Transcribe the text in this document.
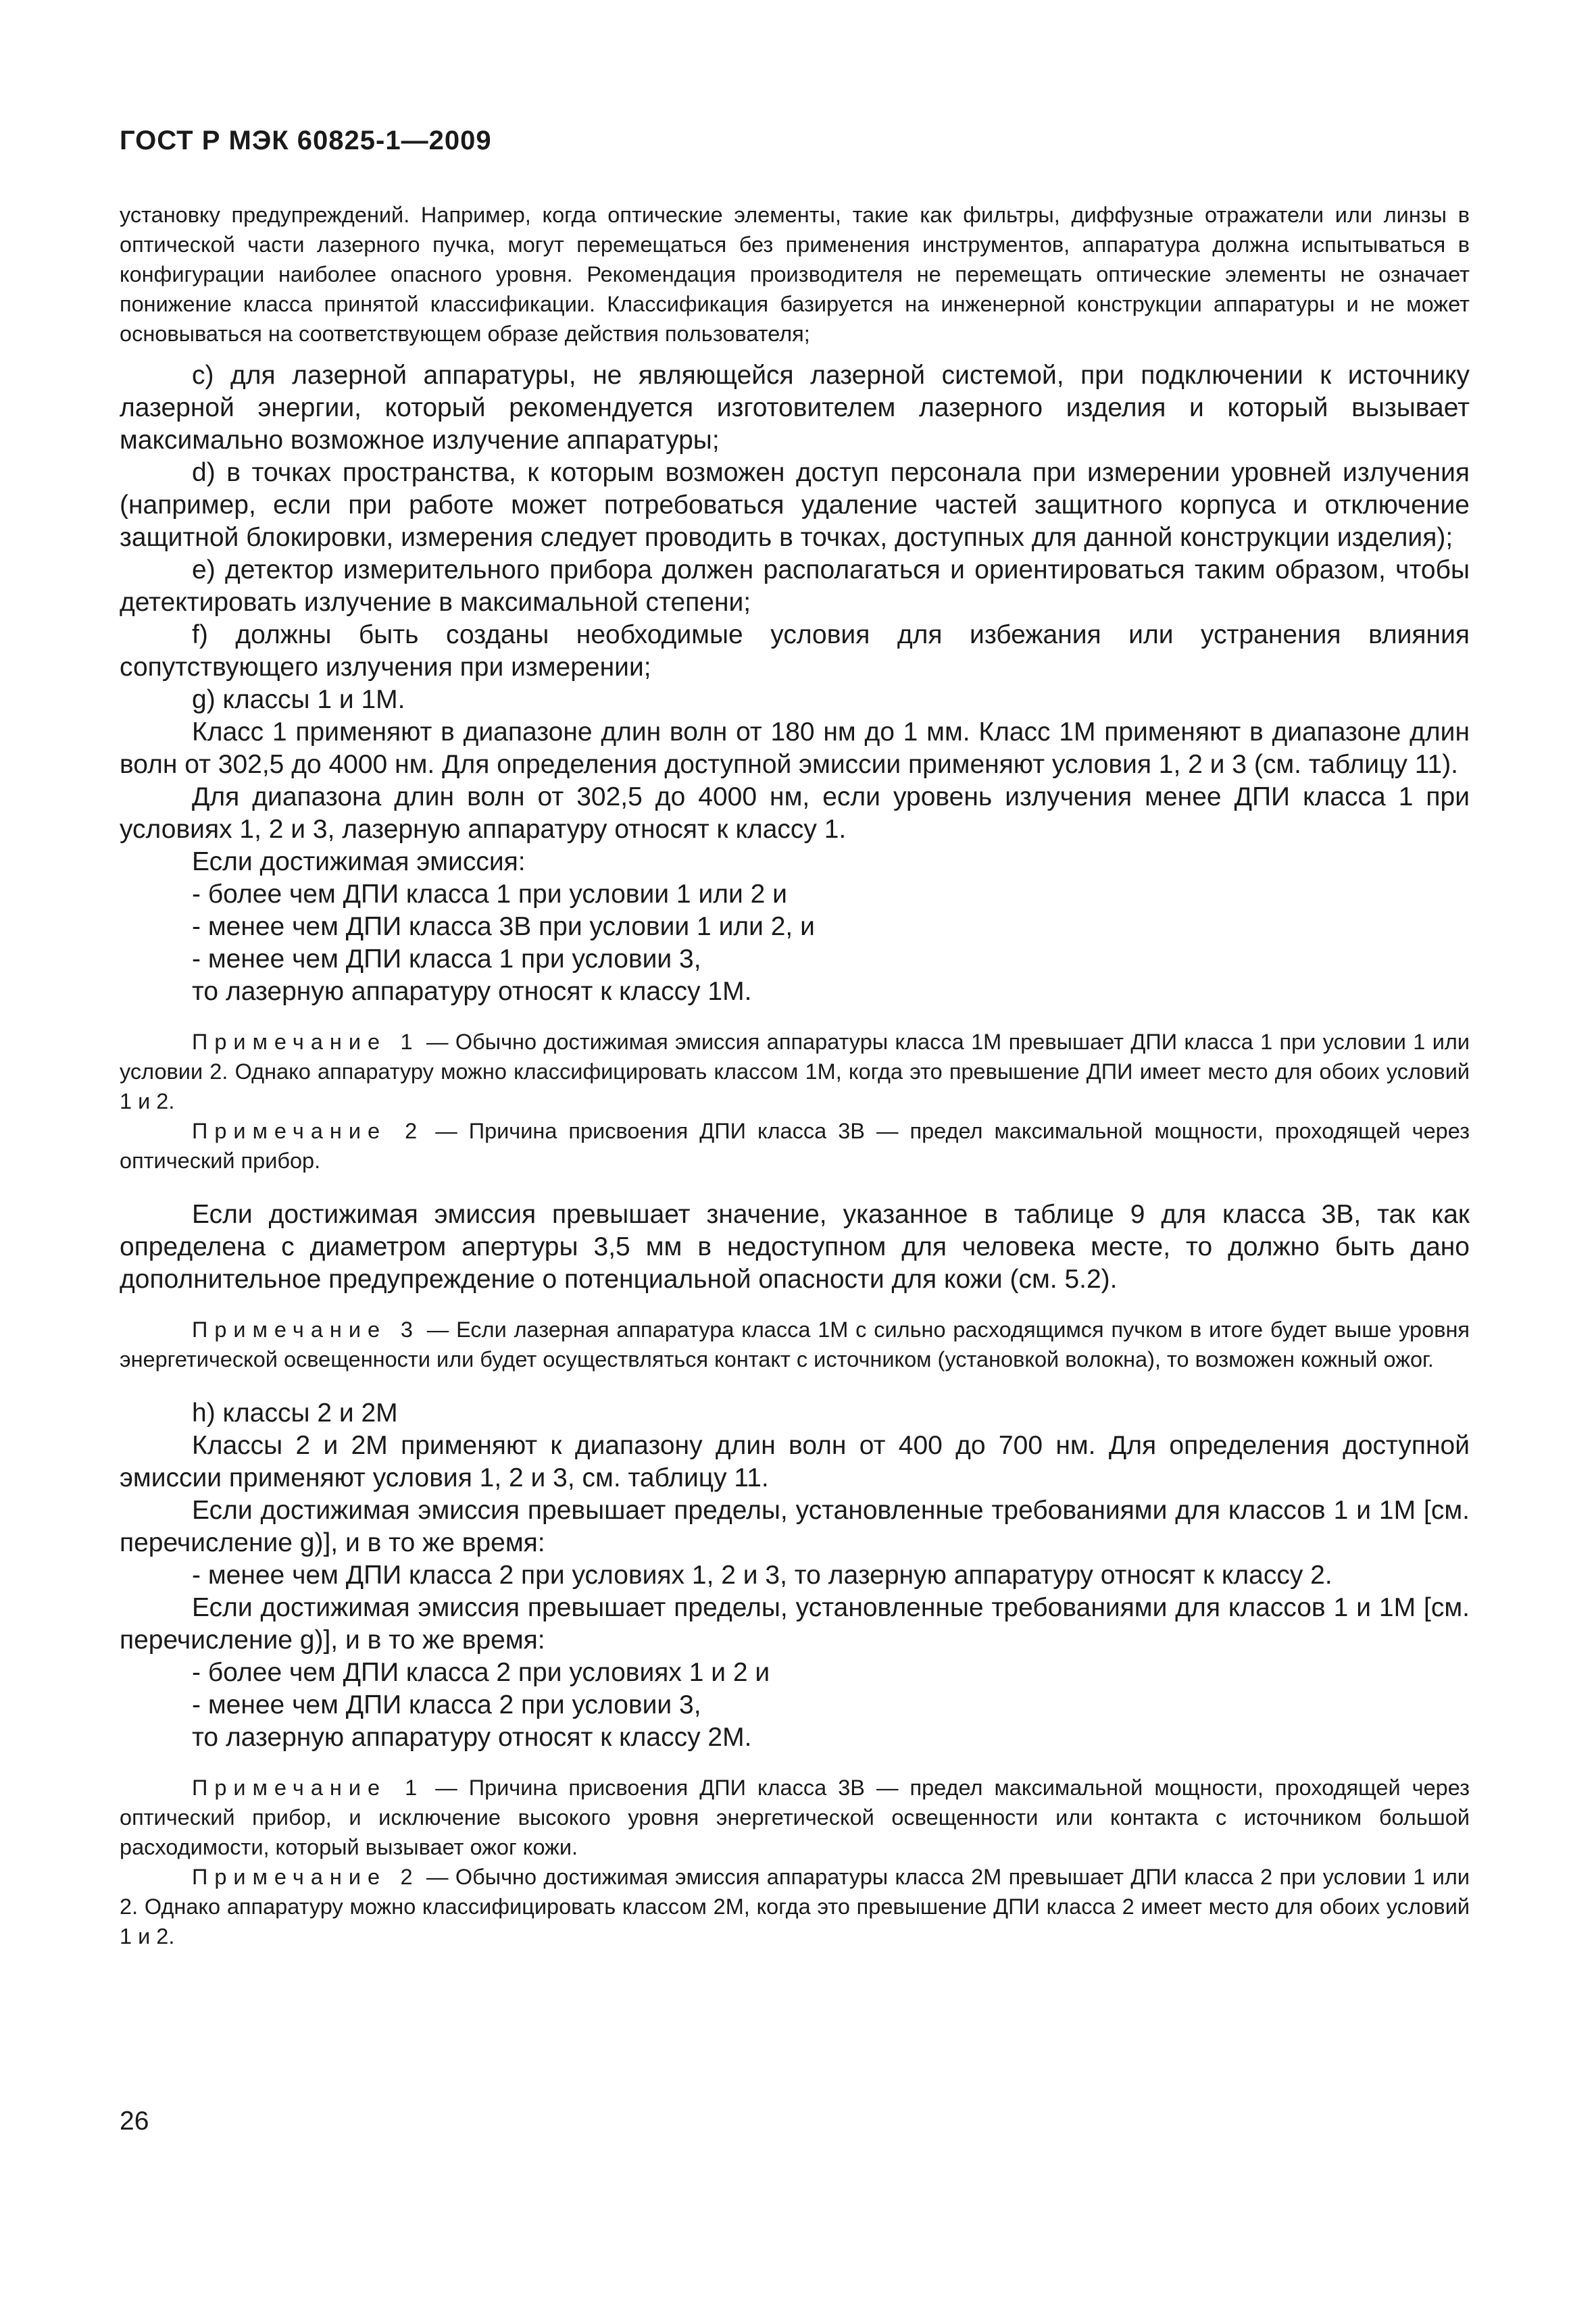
ГОСТ Р МЭК 60825-1—2009

установку предупреждений. Например, когда оптические элементы, такие как фильтры, диффузные отражатели или линзы в оптической части лазерного пучка, могут перемещаться без применения инструментов, аппаратура должна испытываться в конфигурации наиболее опасного уровня. Рекомендация производителя не перемещать оптические элементы не означает понижение класса принятой классификации. Классификация базируется на инженерной конструкции аппаратуры и не может основываться на соответствующем образе действия пользователя;

c) для лазерной аппаратуры, не являющейся лазерной системой, при подключении к источнику лазерной энергии, который рекомендуется изготовителем лазерного изделия и который вызывает максимально возможное излучение аппаратуры;

d) в точках пространства, к которым возможен доступ персонала при измерении уровней излучения (например, если при работе может потребоваться удаление частей защитного корпуса и отключение защитной блокировки, измерения следует проводить в точках, доступных для данной конструкции изделия);

e) детектор измерительного прибора должен располагаться и ориентироваться таким образом, чтобы детектировать излучение в максимальной степени;

f) должны быть созданы необходимые условия для избежания или устранения влияния сопутствующего излучения при измерении;

g) классы 1 и 1M.

Класс 1 применяют в диапазоне длин волн от 180 нм до 1 мм. Класс 1M применяют в диапазоне длин волн от 302,5 до 4000 нм. Для определения доступной эмиссии применяют условия 1, 2 и 3 (см. таблицу 11).

Для диапазона длин волн от 302,5 до 4000 нм, если уровень излучения менее ДПИ класса 1 при условиях 1, 2 и 3, лазерную аппаратуру относят к классу 1.

Если достижимая эмиссия:

- более чем ДПИ класса 1 при условии 1 или 2 и

- менее чем ДПИ класса 3B при условии 1 или 2, и

- менее чем ДПИ класса 1 при условии 3,

то лазерную аппаратуру относят к классу 1M.

Примечание 1 — Обычно достижимая эмиссия аппаратуры класса 1M превышает ДПИ класса 1 при условии 1 или условии 2. Однако аппаратуру можно классифицировать классом 1M, когда это превышение ДПИ имеет место для обоих условий 1 и 2.

Примечание 2 — Причина присвоения ДПИ класса 3B — предел максимальной мощности, проходящей через оптический прибор.

Если достижимая эмиссия превышает значение, указанное в таблице 9 для класса 3B, так как определена с диаметром апертуры 3,5 мм в недоступном для человека месте, то должно быть дано дополнительное предупреждение о потенциальной опасности для кожи (см. 5.2).

Примечание 3 — Если лазерная аппаратура класса 1M с сильно расходящимся пучком в итоге будет выше уровня энергетической освещенности или будет осуществляться контакт с источником (установкой волокна), то возможен кожный ожог.

h) классы 2 и 2M

Классы 2 и 2M применяют к диапазону длин волн от 400 до 700 нм. Для определения доступной эмиссии применяют условия 1, 2 и 3, см. таблицу 11.

Если достижимая эмиссия превышает пределы, установленные требованиями для классов 1 и 1M [см. перечисление g)], и в то же время:

- менее чем ДПИ класса 2 при условиях 1, 2 и 3, то лазерную аппаратуру относят к классу 2.

Если достижимая эмиссия превышает пределы, установленные требованиями для классов 1 и 1M [см. перечисление g)], и в то же время:

- более чем ДПИ класса 2 при условиях 1 и 2 и

- менее чем ДПИ класса 2 при условии 3,

то лазерную аппаратуру относят к классу 2M.

Примечание 1 — Причина присвоения ДПИ класса 3B — предел максимальной мощности, проходящей через оптический прибор, и исключение высокого уровня энергетической освещенности или контакта с источником большой расходимости, который вызывает ожог кожи.

Примечание 2 — Обычно достижимая эмиссия аппаратуры класса 2M превышает ДПИ класса 2 при условии 1 или 2. Однако аппаратуру можно классифицировать классом 2M, когда это превышение ДПИ класса 2 имеет место для обоих условий 1 и 2.

26
